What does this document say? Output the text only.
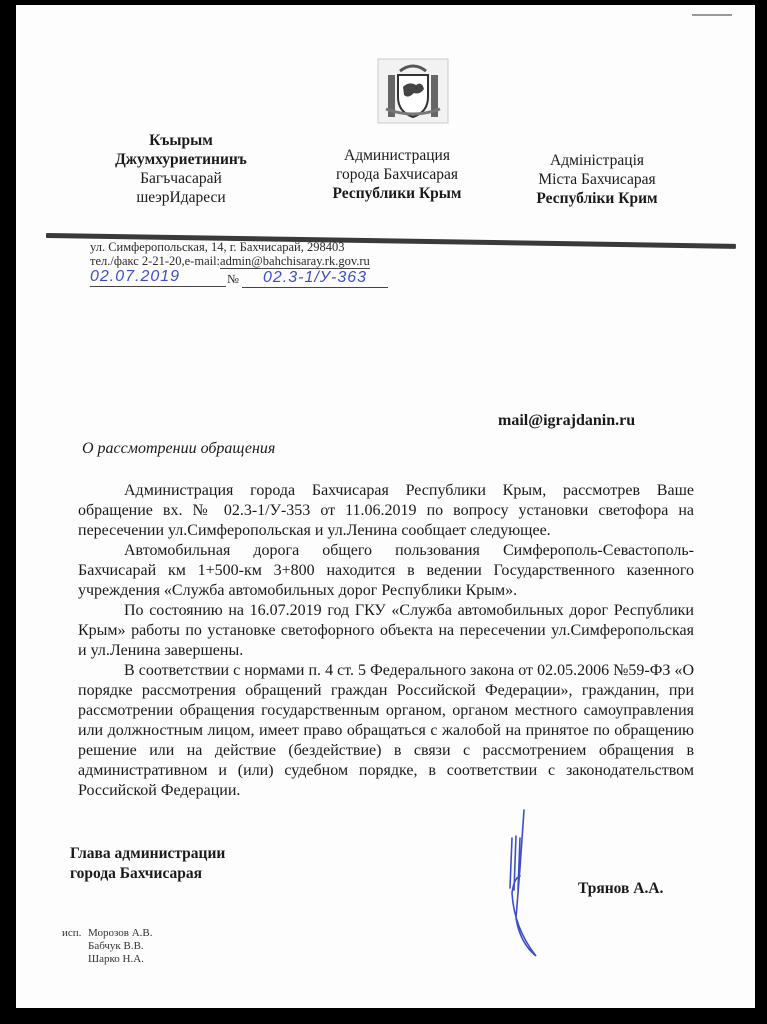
Къырым
Джумхуриетининъ
Багъчасарай
шеэрИдареси
Администрация
города Бахчисарая
Республики Крым
Адміністрація
Міста Бахчисарая
Республіки Крим
ул. Симферопольская, 14, г. Бахчисарай, 298403
тел./факс 2-21-20,e-mail:admin@bahchisaray.rk.gov.ru
02.07.2019	№	02.3-1/У-363
mail@igrajdanin.ru
О рассмотрении обращения

Администрация города Бахчисарая Республики Крым, рассмотрев Ваше обращение вх. № 02.3-1/У-353 от 11.06.2019 по вопросу установки светофора на пересечении ул.Симферопольская и ул.Ленина сообщает следующее.

Автомобильная дорога общего пользования Симферополь-Севастополь-Бахчисарай км 1+500-км 3+800 находится в ведении Государственного казенного учреждения «Служба автомобильных дорог Республики Крым».

По состоянию на 16.07.2019 год ГКУ «Служба автомобильных дорог Республики Крым» работы по установке светофорного объекта на пересечении ул.Симферопольская и ул.Ленина завершены.

В соответствии с нормами п. 4 ст. 5 Федерального закона от 02.05.2006 №59-ФЗ «О порядке рассмотрения обращений граждан Российской Федерации», гражданин, при рассмотрении обращения государственным органом, органом местного самоуправления или должностным лицом, имеет право обращаться с жалобой на принятое по обращению решение или на действие (бездействие) в связи с рассмотрением обращения в административном и (или) судебном порядке, в соответствии с законодательством Российской Федерации.

Глава администрации
города Бахчисарая
Трянов А.А.
исп. Морозов А.В.
Бабчук В.В.
Шарко Н.А.
